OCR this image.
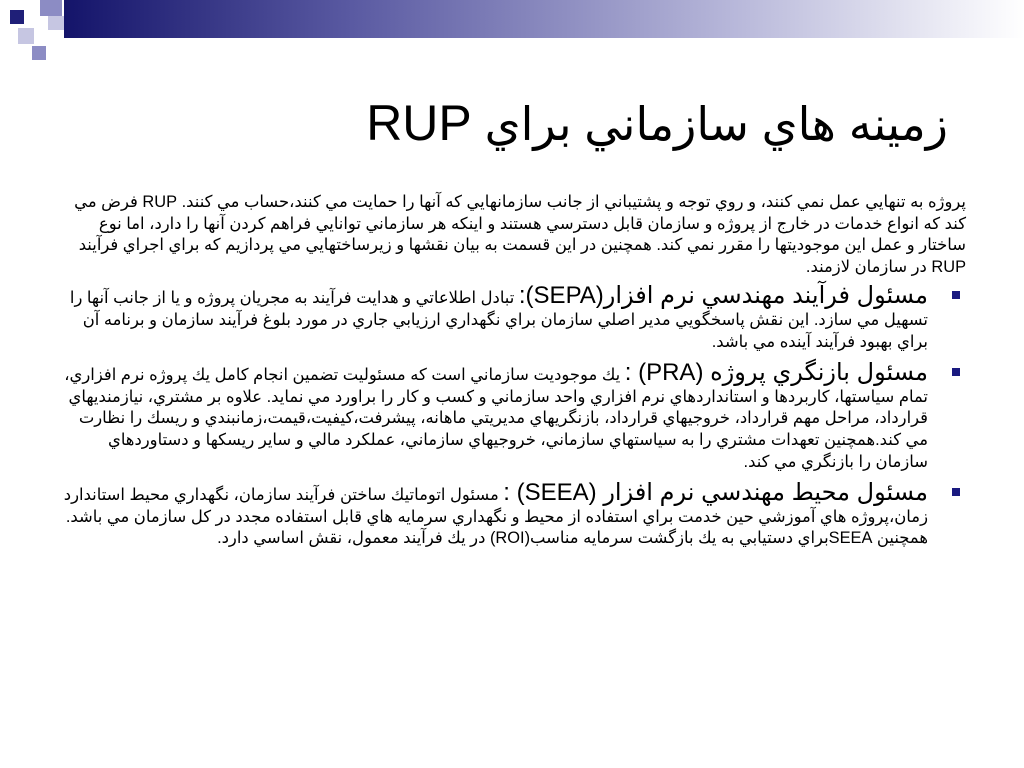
زمينه هاي سازماني براي RUP

پروژه به تنهايي عمل نمي كنند، و روي توجه و پشتيباني از جانب سازمانهايي كه آنها را حمايت مي كنند،حساب مي كنند. RUP فرض مي كند كه انواع خدمات در خارج از پروژه و سازمان قابل دسترسي هستند و اينكه هر سازماني توانايي فراهم كردن آنها را دارد، اما نوع ساختار و عمل اين موجوديتها را مقرر نمي كند. همچنين در اين قسمت به بيان نقشها و زيرساختهايي مي پردازيم كه براي اجراي فرآيند RUP در سازمان لازمند.

مسئول فرآيند مهندسي نرم افزار(SEPA): تبادل اطلاعاتي و هدايت فرآيند به مجريان پروژه و يا از جانب آنها را تسهيل مي سازد. اين نقش پاسخگويي مدير اصلي سازمان براي نگهداري ارزيابي جاري در مورد بلوغ فرآيند سازمان و برنامه آن براي بهبود فرآيند آينده مي باشد.
مسئول بازنگري پروژه (PRA) : يك موجوديت سازماني است كه مسئوليت تضمين انجام كامل يك پروژه نرم افزاري، تمام سياستها، كاربردها و استانداردهاي نرم افزاري واحد سازماني و كسب و كار را براورد مي نمايد. علاوه بر مشتري، نيازمنديهاي قرارداد، مراحل مهم قرارداد، خروجيهاي قرارداد، بازنگريهاي مديريتي ماهانه، پيشرفت،كيفيت،قيمت،زمانبندي و ريسك را نظارت مي كند.همچنين تعهدات مشتري را به سياستهاي سازماني، خروجيهاي سازماني، عملكرد مالي و ساير ريسكها و دستاوردهاي سازمان را بازنگري مي كند.
مسئول محيط مهندسي نرم افزار (SEEA) : مسئول اتوماتيك ساختن فرآيند سازمان، نگهداري محيط استاندارد زمان،پروژه هاي آموزشي حين خدمت براي استفاده از محيط و نگهداري سرمايه هاي قابل استفاده مجدد در كل سازمان مي باشد. همچنين SEEAبراي دستيابي به يك بازگشت سرمايه مناسب(ROI) در يك فرآيند معمول، نقش اساسي دارد.
